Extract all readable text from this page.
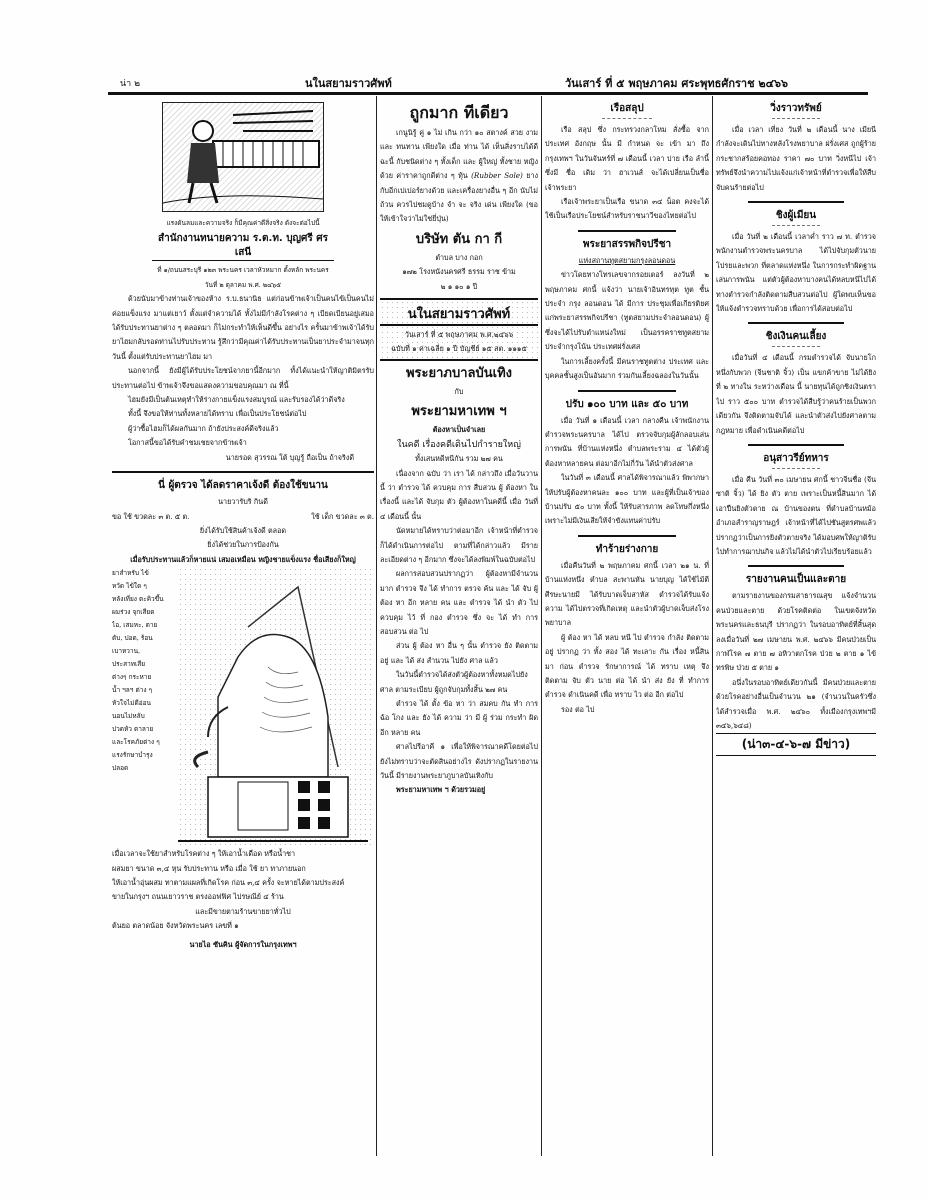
น่า ๒	นในสยามราวศัพท์	วันเสาร์ ที่ ๕ พฤษภาคม ศระพุทธศักราช ๒๔๖๖
แรงดันลมและความจริง ก็มีคุณค่าดีสิ่งจริง ดังจะต่อไปนี้
สำนักงานทนายความ ร.ต.ท. บุญศรี ศรเสนี
ที่ ๑/ถนนสระบุรี ๑๒๓ พระนคร เวลาหัวหมาก ตั้งหลัก พระนคร
วันที่ ๒ ตุลาคม พ.ศ. ๒๔๖๕

ด้วยนับมาข้างท่านเจ้าของห้าง ร.บ.ธนานิธ แต่ก่อนข้าพเจ้าเป็นคนไข้เป็นคนไม่ค่อยแข็งแรง มาแต่เยาว์ ตั้งแต่จำความได้ ทั้งไม่มีกำลังโรคต่าง ๆ เบียดเบียนอยู่เสมอ ได้รับประทานยาต่าง ๆ ตลอดมา ก็ไม่กระทำให้เห็นดีขึ้น อย่างไร ครั้นมาข้าพเจ้าได้รับยาไฮมกลับรอดท่านไปรับประทาน รู้สึกว่ามีคุณค่าได้รับประทานเป็นยาประจำมาจนทุกวันนี้ ตั้งแต่รับประทานยาไฮม มา

นอกจากนี้ ยังมีผู้ได้รับประโยชน์จากยานี้อีกมาก ทั้งได้แนะนำให้ญาติมิตรรับประทานต่อไป ข้าพเจ้าจึงขอแสดงความขอบคุณมา ณ ที่นี้

ไฮมยังมีเป็นต้นเหตุทำให้ร่างกายแข็งแรงสมบูรณ์ และรับรองได้ว่าดีจริง

ทั้งนี้ จึงขอให้ท่านทั้งหลายได้ทราบ เพื่อเป็นประโยชน์ต่อไป

ผู้ว่าซื้อไฮมก็ได้ผลกันมาก ถ้ายังประสงค์ดีจริงแล้ว

โอกาสนี้ขอได้รับคำชมเชยจากข้าพเจ้า

นายรอด สุวรรณ ใต้ บุญรู้ ถือเป็น ถ้าจริงดี
นี่ ผู้ตรวจ ได้ลดราคาเจ้งดี ต้องใช้ขนาน
นายวารับริ กินดี
ขอ ใช้ ขวดละ ๓ ต. ๕ ต.	ใช้ เด็ก ขวดละ ๓ ต.
ยิ่งได้รับใช้สินค้าเจ้งดี ตลอด
ยิ่งได้ช่วยในการป้องกัน
เมื่อรับประทานแล้วก็หายแน่ เสมอเหมือน หญิงชายแข็งแรง ชื่อเสียงก็ใหญ่
ยาสำหรับ ไข้
หวัด ไข้ใด ๆ
หลังเที่ยง ตะคิวขึ้น
ผมร่วง จุกเสียด
ไอ, เสมหะ, ตาย
ตับ, ปอด, ร้อน
เบาหวาน,
ประสาทเสีย
ต่างๆ กระหาย
น้ำ ฯลฯ ต่าง ๆ
หัวใจไม่ดีอ่อน
นอนไม่หลับ
ปวดหัว ตาลาย
และโรคภัยต่าง ๆ
แรงรักษาบำรุง
ปลอด
เมื่อเวลาจะใช้ยาสำหรับโรคต่าง ๆ ให้เอาน้ำเดือด หรือน้ำชา
ผสมยา ขนาด ๓,๔ หุน รับประทาน หรือ เมื่อ ใช้ ยา ทาภายนอก
ให้เอาน้ำอุ่นผสม ทาตามแผลที่เกิดโรค ก่อน ๓,๔ ครั้ง จะหายได้ตามประสงค์
ขายในกรุงฯ ถนนเยาวราช ตรงออฟฟิศ ไปรษณีย์ ๔ ร้าน
และมีขายตามร้านขายยาทั่วไป
ต้นยอ ตลาดน้อย จังหวัดพระนคร เลขที่ ๑
นายไอ ซันคิน ผู้จัดการในกรุงเทพฯ
ถูกมาก ทีเดียว

เกนูนิรู้ คู่ ๑ ไม่ เกิน กว่า ๑๐ สตางค์ สวย งาม และ ทนทาน เพียงใด เมื่อ ท่าน ได้ เห็นสิ่งราบได้ดีฉะนี้ กับชนิดต่าง ๆ ทั้งเด็ก และ ผู้ใหญ่ ทั้งชาย หญิง ด้วย ค่าราคาถูกดีต่าง ๆ ทุ้น (Rubber Sole) ยางกับอีกเปเปอร์ยางด้วย และเครื่องยางอื่น ๆ อีก นับไม่ถ้วน ควรไปชมดูบ้าง จำ จะ จริง เด่น เพียงใด (ขอให้เข้าใจว่าไม่ใช่ยี่ปุ่น)

บริษัท ตัน กา กี
ตำบล บาง กอก
๑๗๒ โรงหนังนครศรี ธรรม ราช ข้าม
๒ ๑ ๑๐ ๑ ปี
นในสยามราวศัพท์
วันเสาร์ ที่ ๕ พฤษภาคม พ.ศ.๒๔๖๖
ฉบับที่ ๑ ค่าเฉลี่ย ๑ ปี บัญชีย์ ๑๕ สต. ๑๑๑๕
พระยาภบาลบันเทิง
กับ
พระยามหาเทพ ฯ
ต้องหาเป็นจำเลย
ในคดี เรื่องคดีเดินไปกำรายใหญ่
ทั้งเสนหดีหนีกัน รวม ๒๗ คน

เนื่องจาก ฉบับ ว่า เรา ได้ กล่าวถึง เมื่อวันวานนี้ ว่า ตำรวจ ได้ ควบคุม การ สืบสวน ผู้ ต้องหา ในเรื่องนี้ และได้ จับกุม ตัว ผู้ต้องหาในคดีนี้ เมื่อ วันที่ ๔ เดือนนี้ นั้น

นัดหมายได้ทราบว่าต่อมาอีก เจ้าหน้าที่ตำรวจก็ได้ดำเนินการต่อไป ตามที่ได้กล่าวแล้ว มีรายละเอียดต่าง ๆ อีกมาก ซึ่งจะได้ลงพิมพ์ในฉบับต่อไป

ผลการสอบสวนปรากฏว่า ผู้ต้องหามีจำนวนมาก ตำรวจ จึง ได้ ทำการ ตรวจ ค้น และ ได้ จับ ผู้ ต้อง หา อีก หลาย คน และ ตำรวจ ได้ นำ ตัว ไป ควบคุม ไว้ ที่ กอง ตำรวจ ซึ่ง จะ ได้ ทำ การ สอบสวน ต่อ ไป

ส่วน ผู้ ต้อง หา อื่น ๆ นั้น ตำรวจ ยัง ติดตาม อยู่ และ ได้ ส่ง สำนวน ไปยัง ศาล แล้ว

ในวันนี้ตำรวจได้ส่งตัวผู้ต้องหาทั้งหมดไปยังศาล ตามระเบียบ ผู้ถูกจับกุมทั้งสิ้น ๒๗ คน

ตำรวจ ได้ ตั้ง ข้อ หา ว่า สมคบ กัน ทำ การ ฉ้อ โกง และ ยัง ได้ ความ ว่า มี ผู้ ร่วม กระทำ ผิด อีก หลาย คน

ศาลไปรีอาคี ๑ เพื่อให้พิจารณาคดีโดยต่อไป ยังไม่ทราบว่าจะตัดสินอย่างไร ดังปรากฏในรายงานวันนี้ มีรายงานพระยาภูบาลบันเทิงกับ

พระยามหาเทพ ฯ ด้วยรวมอยู่

เรือสลุป

เรือ สลุป ซึ่ง กระทรวงกลาโหม สั่งซื้อ จาก ประเทศ อังกฤษ นั้น มี กำหนด จะ เข้า มา ถึง กรุงเทพฯ ในวันจันทร์ที่ ๗ เดือนนี้ เวลา บ่าย เรือ ลำนี้ ซึ่งมี ชื่อ เดิม ว่า ฮาเวนส์ จะได้เปลี่ยนเป็นชื่อเจ้าพระยา

เรือเจ้าพระยาเป็นเรือ ขนาด ๓๔ น็อต คงจะได้ใช้เป็นเรือประโยชน์สำหรับราชนาวีของไทยต่อไป

พระยาสรรพกิจปรีชา
แห่งสถานทูตสยามกรุงลอนดอน

ข่าวโดยทางโทรเลขจากรอยเตอร์ ลงวันที่ ๒ พฤษภาคม ศกนี้ แจ้งว่า นายเจ้าอินทรทุต ทูต ชั้น ประจำ กรุง ลอนดอน ได้ มีการ ประชุมเพื่อเกียรติยศแก่พระยาสรรพกิจปรีชา (ทูตสยามประจำลอนดอน) ผู้ ซึ่งจะได้ไปรับตำแหน่งใหม่ เป็นอรรคราชทูตสยามประจำกรุงโน้น ประเทศฝรั่งเศส

ในการเลี้ยงครั้งนี้ มีคนราชทูตต่าง ประเทศ และบุคคลชั้นสูงเป็นอันมาก ร่วมกันเลี้ยงฉลองในวันนั้น

ปรับ ๑๐๐ บาท และ ๕๐ บาท

เมื่อ วันที่ ๑ เดือนนี้ เวลา กลางคืน เจ้าพนักงานตำรวจพระนครบาล ได้ไป ตรวจจับกุมผู้ลักลอบเล่นการพนัน ที่บ้านแห่งหนึ่ง ตำบลพระราม ๔ ได้ตัวผู้ต้องหาหลายคน ต่อมาอีกไม่กี่วัน ได้นำตัวส่งศาล

ในวันที่ ๓ เดือนนี้ ศาลได้พิจารณาแล้ว พิพากษาให้ปรับผู้ต้องหาคนละ ๑๐๐ บาท และผู้ที่เป็นเจ้าของบ้านปรับ ๕๐ บาท ทั้งนี้ ให้รับสารภาพ ลดโทษกึ่งหนึ่ง เพราะไม่มีเงินเสียให้จำขังแทนค่าปรับ

ทำร้ายร่างกาย

เมื่อคืนวันที่ ๒ พฤษภาคม ศกนี้ เวลา ๒๑ น. ที่บ้านแห่งหนึ่ง ตำบล สะพานหัน นายบุญ ได้ใช้ไม้ตีศีรษะนายมี ได้รับบาดเจ็บสาหัส ตำรวจได้รับแจ้งความ ได้ไปตรวจที่เกิดเหตุ และนำตัวผู้บาดเจ็บส่งโรงพยาบาล

ผู้ ต้อง หา ได้ หลบ หนี ไป ตำรวจ กำลัง ติดตาม อยู่ ปรากฏ ว่า ทั้ง สอง ได้ ทะเลาะ กัน เรื่อง หนี้สิน มา ก่อน ตำรวจ รักษาการณ์ ได้ ทราบ เหตุ จึง ติดตาม จับ ตัว นาย ต่อ ได้ นำ ส่ง ยัง ที่ ทำการ ตำรวจ ดำเนินคดี เพื่อ ทราบ ไว ต่อ อีก ต่อไป

รอง ต่อ ไป

วิ่งราวทรัพย์

เมื่อ เวลา เที่ยง วันที่ ๒ เดือนนี้ นาง เมียนี กำลังจะเดินไปทางหลังโรงพยาบาล ฝรั่งเศส ถูกผู้ร้ายกระชากสร้อยคอทอง ราคา ๗๐ บาท วิ่งหนีไป เจ้าทรัพย์จึงนำความไปแจ้งแก่เจ้าหน้าที่ตำรวจเพื่อให้สืบจับคนร้ายต่อไป

ชิงผู้เมียน

เมื่อ วันที่ ๒ เดือนนี้ เวลาค่ำ ราว ๗ ท. ตำรวจพนักงานตำรวจพระนครบาล ได้ไปจับกุมตัวนายโปรยและพวก ที่ตลาดแห่งหนึ่ง ในการกระทำผิดฐานเล่นการพนัน แต่ตัวผู้ต้องหาบางคนได้หลบหนีไปได้ ทางตำรวจกำลังติดตามสืบสวนต่อไป ผู้ใดพบเห็นขอให้แจ้งตำรวจทราบด้วย เพื่อการได้สอบต่อไป

ชิงเงินคนเลี้ยง

เมื่อวันที่ ๔ เดือนนี้ กรมตำรวจได้ จับนายโกหนึ่งกับพวก (จีนชาติ จิ้ว) เป็น แขกค้าขาย ไม่ได้ยิงที่ ๒ ทางใน ระหว่างเดือน นี้ นายทุนได้ถูกชิงเงินตราไป ราว ๕๐๐ บาท ตำรวจได้สืบรู้ว่าคนร้ายเป็นพวกเดียวกัน จึงติดตามจับได้ และนำตัวส่งไปยังศาลตามกฎหมาย เพื่อดำเนินคดีต่อไป

อนุสาวรีย์ทหาร

เมื่อ คืน วันที่ ๓๐ เมษายน ศกนี้ ชาวจีนชื่อ (จีนซาติ จิ้ว) ได้ ยิง ตัว ตาย เพราะเป็นหนี้สินมาก ได้เอาปืนยิงตัวตาย ณ บ้านของตน ที่ตำบลบ้านหม้อ อำเภอสำราญราษฎร์ เจ้าหน้าที่ได้ไปชันสูตรศพแล้ว ปรากฏว่าเป็นการยิงตัวตายจริง ได้มอบศพให้ญาติรับไปทำการฌาปนกิจ แล้วไม่ได้นำตัวไปเรียบร้อยแล้ว

รายงานคนเป็นและตาย

ตามรายงานของกรมสาธารณสุข แจ้งจำนวนคนป่วยและตาย ด้วยโรคติดต่อ ในเขตจังหวัดพระนครและธนบุรี ปรากฏว่า ในรอบอาทิตย์ที่สิ้นสุดลงเมื่อวันที่ ๒๗ เมษายน พ.ศ. ๒๔๖๖ มีคนป่วยเป็นกาฬโรค ๗ ตาย ๗ อหิวาตกโรค ป่วย ๒ ตาย ๑ ไข้ทรพิษ ป่วย ๕ ตาย ๑

อนึ่งในรอบอาทิตย์เดียวกันนี้ มีคนป่วยและตายด้วยโรคอย่างอื่นเป็นจำนวน ๒๑ (จำนวนในครัวซึ่งได้สำรวจเมื่อ พ.ศ. ๒๔๖๐ ทั้งเมืองกรุงเทพฯมี ๓๔๖,๖๔๘)

(น่า๓-๔-๖-๗ มีข่าว)
